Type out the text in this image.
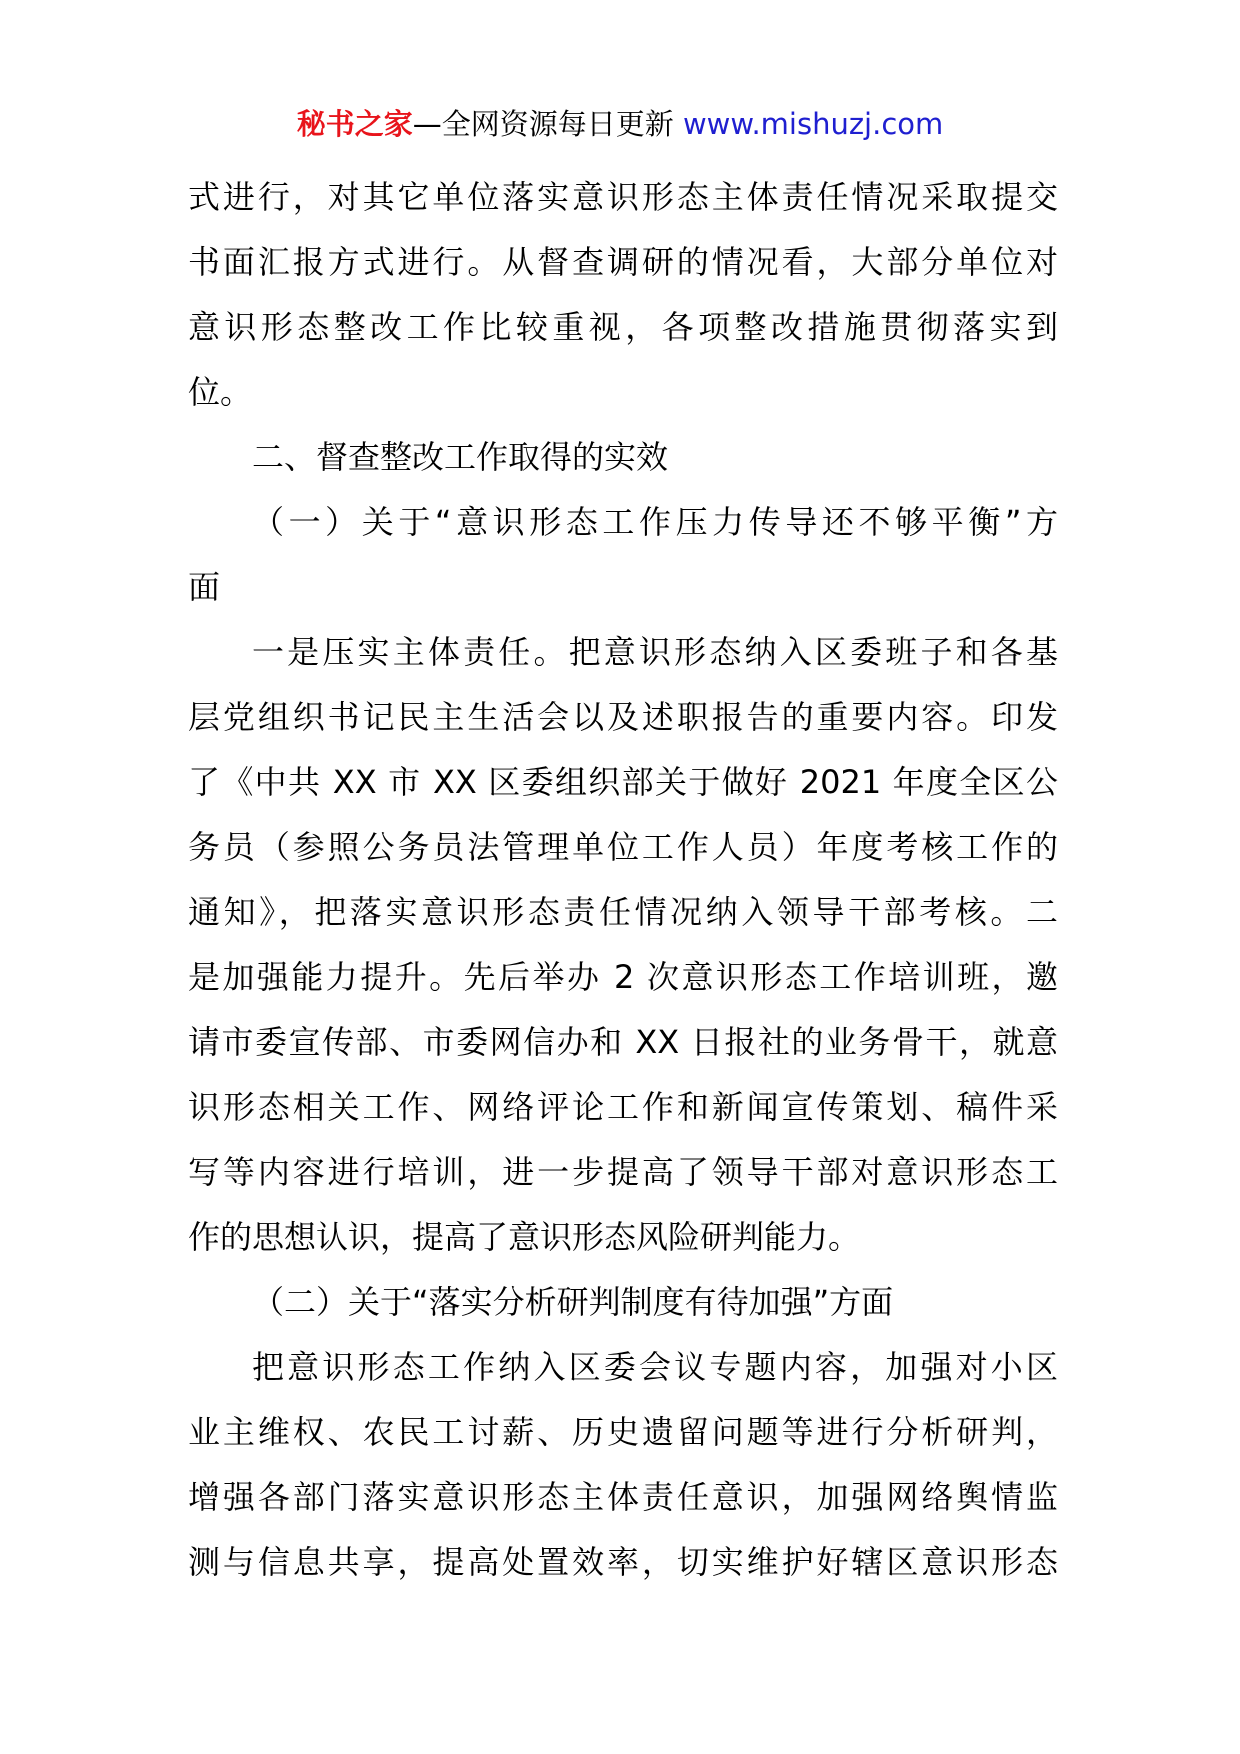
秘书之家—全网资源每日更新 www.mishuzj.com
式进行，对其它单位落实意识形态主体责任情况采取提交
书面汇报方式进行。从督查调研的情况看，大部分单位对
意识形态整改工作比较重视，各项整改措施贯彻落实到
位。
二、督查整改工作取得的实效
（一）关于“意识形态工作压力传导还不够平衡”方
面
一是压实主体责任。把意识形态纳入区委班子和各基
层党组织书记民主生活会以及述职报告的重要内容。印发
了《中共 XX 市 XX 区委组织部关于做好 2021 年度全区公
务员（参照公务员法管理单位工作人员）年度考核工作的
通知》，把落实意识形态责任情况纳入领导干部考核。二
是加强能力提升。先后举办 2 次意识形态工作培训班，邀
请市委宣传部、市委网信办和 XX 日报社的业务骨干，就意
识形态相关工作、网络评论工作和新闻宣传策划、稿件采
写等内容进行培训，进一步提高了领导干部对意识形态工
作的思想认识，提高了意识形态风险研判能力。
（二）关于“落实分析研判制度有待加强”方面
把意识形态工作纳入区委会议专题内容，加强对小区
业主维权、农民工讨薪、历史遗留问题等进行分析研判，
增强各部门落实意识形态主体责任意识，加强网络舆情监
测与信息共享，提高处置效率，切实维护好辖区意识形态
